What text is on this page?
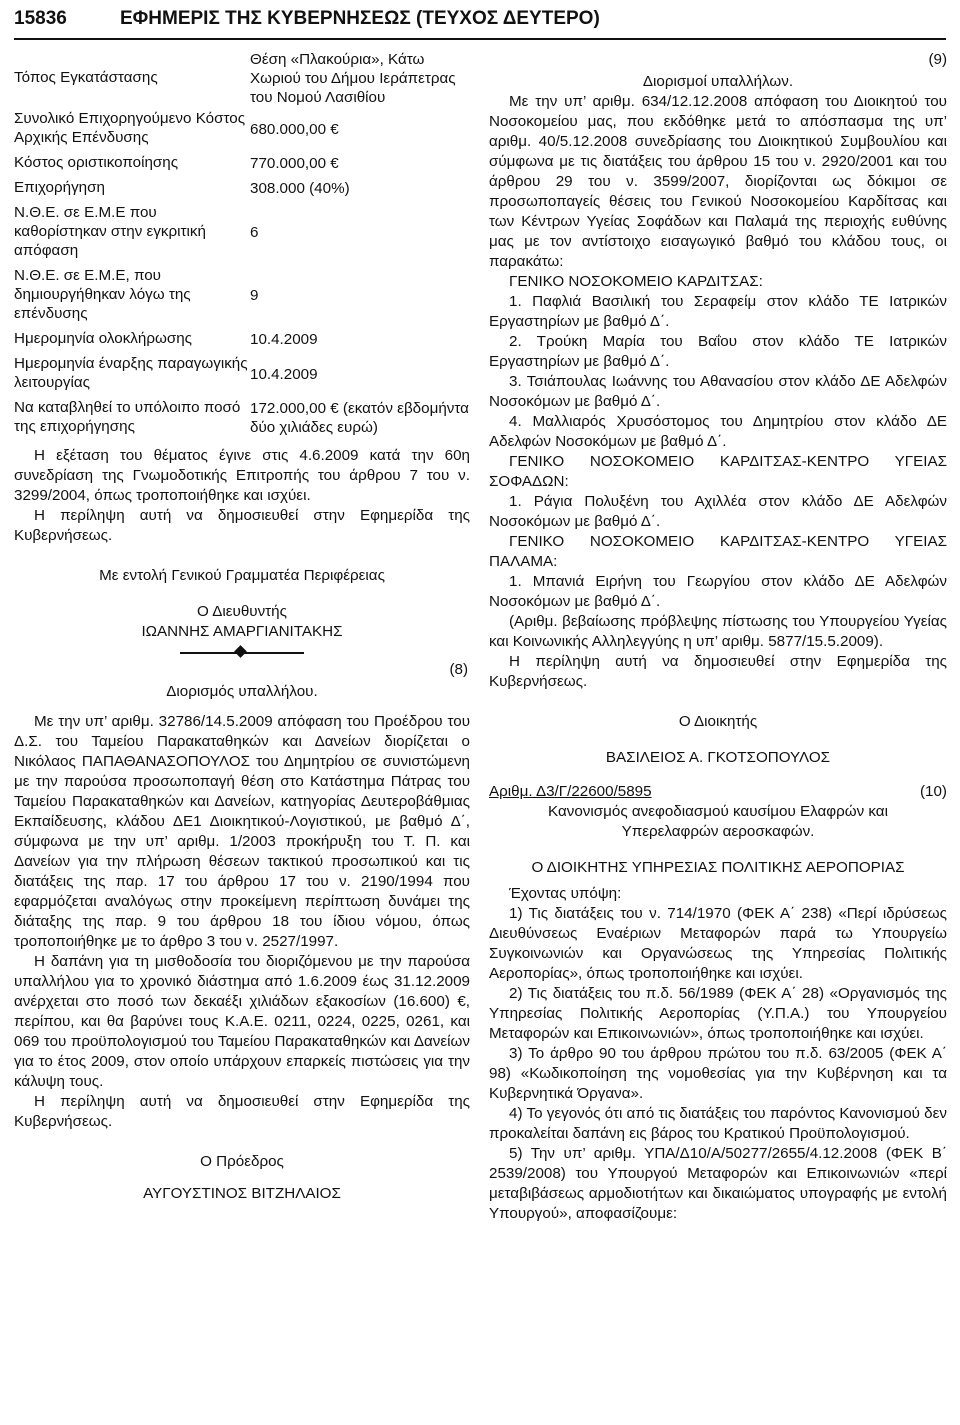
15836	ΕΦΗΜΕΡΙΣ ΤΗΣ ΚΥΒΕΡΝΗΣΕΩΣ (ΤΕΥΧΟΣ ΔΕΥΤΕΡΟ)
Τόπος Εγκατάστασης	Θέση «Πλακούρια», Κάτω Χωριού του Δήμου Ιεράπετρας του Νομού Λασιθίου
Συνολικό Επιχορηγούμενο Κόστος Αρχικής Επένδυσης	680.000,00 €
Κόστος οριστικοποίησης	770.000,00 €
Επιχορήγηση	308.000 (40%)
Ν.Θ.Ε. σε Ε.Μ.Ε που καθορίστηκαν στην εγκριτική απόφαση	6
Ν.Θ.Ε. σε Ε.Μ.Ε, που δημιουργήθηκαν λόγω της επένδυσης	9
Ημερομηνία ολοκλήρωσης	10.4.2009
Ημερομηνία έναρξης παραγωγικής λειτουργίας	10.4.2009
Να καταβληθεί το υπόλοιπο ποσό της επιχορήγησης	172.000,00 € (εκατόν εβδομήντα δύο χιλιάδες ευρώ)

Η εξέταση του θέματος έγινε στις 4.6.2009 κατά την 60η συνεδρίαση της Γνωμοδοτικής Επιτροπής του άρθρου 7 του ν. 3299/2004, όπως τροποποιήθηκε και ισχύει.

Η περίληψη αυτή να δημοσιευθεί στην Εφημερίδα της Κυβερνήσεως.

Με εντολή Γενικού Γραμματέα Περιφέρειας

Ο Διευθυντής

ΙΩΑΝΝΗΣ ΑΜΑΡΓΙΑΝΙΤΑΚΗΣ

(8)
Διορισμός υπαλλήλου.

Με την υπ’ αριθμ. 32786/14.5.2009 απόφαση του Προέδρου του Δ.Σ. του Ταμείου Παρακαταθηκών και Δανείων διορίζεται ο Νικόλαος ΠΑΠΑΘΑΝΑΣΟΠΟΥΛΟΣ του Δημητρίου σε συνιστώμενη με την παρούσα προσωποπαγή θέση στο Κατάστημα Πάτρας του Ταμείου Παρακαταθηκών και Δανείων, κατηγορίας Δευτεροβάθμιας Εκπαίδευσης, κλάδου ΔΕ1 Διοικητικού-Λογιστικού, με βαθμό Δ΄, σύμφωνα με την υπ’ αριθμ. 1/2003 προκήρυξη του Τ. Π. και Δανείων για την πλήρωση θέσεων τακτικού προσωπικού και τις διατάξεις της παρ. 17 του άρθρου 17 του ν. 2190/1994 που εφαρμόζεται αναλόγως στην προκείμενη περίπτωση δυνάμει της διάταξης της παρ. 9 του άρθρου 18 του ίδιου νόμου, όπως τροποποιήθηκε με το άρθρο 3 του ν. 2527/1997.

Η δαπάνη για τη μισθοδοσία του διοριζόμενου με την παρούσα υπαλλήλου για το χρονικό διάστημα από 1.6.2009 έως 31.12.2009 ανέρχεται στο ποσό των δεκαέξι χιλιάδων εξακοσίων (16.600) €, περίπου, και θα βαρύνει τους Κ.Α.Ε. 0211, 0224, 0225, 0261, και 069 του προϋπολογισμού του Ταμείου Παρακαταθηκών και Δανείων για το έτος 2009, στον οποίο υπάρχουν επαρκείς πιστώσεις για την κάλυψη τους.

Η περίληψη αυτή να δημοσιευθεί στην Εφημερίδα της Κυβερνήσεως.

Ο Πρόεδρος

ΑΥΓΟΥΣΤΙΝΟΣ ΒΙΤΖΗΛΑΙΟΣ

(9)
Διορισμοί υπαλλήλων.

Με την υπ’ αριθμ. 634/12.12.2008 απόφαση του Διοικητού του Νοσοκομείου μας, που εκδόθηκε μετά το απόσπασμα της υπ’ αριθμ. 40/5.12.2008 συνεδρίασης του Διοικητικού Συμβουλίου και σύμφωνα με τις διατάξεις του άρθρου 15 του ν. 2920/2001 και του άρθρου 29 του ν. 3599/2007, διορίζονται ως δόκιμοι σε προσωποπαγείς θέσεις του Γενικού Νοσοκομείου Καρδίτσας και των Κέντρων Υγείας Σοφάδων και Παλαμά της περιοχής ευθύνης μας με τον αντίστοιχο εισαγωγικό βαθμό του κλάδου τους, οι παρακάτω:

ΓΕΝΙΚΟ ΝΟΣΟΚΟΜΕΙΟ ΚΑΡΔΙΤΣΑΣ:

1. Παφλιά Βασιλική του Σεραφείμ στον κλάδο ΤΕ Ιατρικών Εργαστηρίων με βαθμό Δ΄.

2. Τρούκη Μαρία του Βαΐου στον κλάδο ΤΕ Ιατρικών Εργαστηρίων με βαθμό Δ΄.

3. Τσιάπουλας Ιωάννης του Αθανασίου στον κλάδο ΔΕ Αδελφών Νοσοκόμων με βαθμό Δ΄.

4. Μαλλιαρός Χρυσόστομος του Δημητρίου στον κλάδο ΔΕ Αδελφών Νοσοκόμων με βαθμό Δ΄.

ΓΕΝΙΚΟ ΝΟΣΟΚΟΜΕΙΟ ΚΑΡΔΙΤΣΑΣ-ΚΕΝΤΡΟ ΥΓΕΙΑΣ ΣΟΦΑΔΩΝ:

1. Ράγια Πολυξένη του Αχιλλέα στον κλάδο ΔΕ Αδελφών Νοσοκόμων με βαθμό Δ΄.

ΓΕΝΙΚΟ ΝΟΣΟΚΟΜΕΙΟ ΚΑΡΔΙΤΣΑΣ-ΚΕΝΤΡΟ ΥΓΕΙΑΣ ΠΑΛΑΜΑ:

1. Μπανιά Ειρήνη του Γεωργίου στον κλάδο ΔΕ Αδελφών Νοσοκόμων με βαθμό Δ΄.

(Αριθμ. βεβαίωσης πρόβλεψης πίστωσης του Υπουργείου Υγείας και Κοινωνικής Αλληλεγγύης η υπ’ αριθμ. 5877/15.5.2009).

Η περίληψη αυτή να δημοσιευθεί στην Εφημερίδα της Κυβερνήσεως.

Ο Διοικητής

ΒΑΣΙΛΕΙΟΣ Α. ΓΚΟΤΣΟΠΟΥΛΟΣ

Αριθμ. Δ3/Γ/22600/5895	(10)

Κανονισμός ανεφοδιασμού καυσίμου Ελαφρών και Υπερελαφρών αεροσκαφών.

Ο ΔΙΟΙΚΗΤΗΣ ΥΠΗΡΕΣΙΑΣ ΠΟΛΙΤΙΚΗΣ ΑΕΡΟΠΟΡΙΑΣ

Έχοντας υπόψη:

1) Τις διατάξεις του ν. 714/1970 (ΦΕΚ Α΄ 238) «Περί ιδρύσεως Διευθύνσεως Εναέριων Μεταφορών παρά τω Υπουργείω Συγκοινωνιών και Οργανώσεως της Υπηρεσίας Πολιτικής Αεροπορίας», όπως τροποποιήθηκε και ισχύει.

2) Τις διατάξεις του π.δ. 56/1989 (ΦΕΚ Α΄ 28) «Οργανισμός της Υπηρεσίας Πολιτικής Αεροπορίας (Υ.Π.Α.) του Υπουργείου Μεταφορών και Επικοινωνιών», όπως τροποποιήθηκε και ισχύει.

3) Το άρθρο 90 του άρθρου πρώτου του π.δ. 63/2005 (ΦΕΚ Α΄ 98) «Κωδικοποίηση της νομοθεσίας για την Κυβέρνηση και τα Κυβερνητικά Όργανα».

4) Το γεγονός ότι από τις διατάξεις του παρόντος Κανονισμού δεν προκαλείται δαπάνη εις βάρος του Κρατικού Προϋπολογισμού.

5) Την υπ’ αριθμ. ΥΠΑ/Δ10/Α/50277/2655/4.12.2008 (ΦΕΚ Β΄ 2539/2008) του Υπουργού Μεταφορών και Επικοινωνιών «περί μεταβιβάσεως αρμοδιοτήτων και δικαιώματος υπογραφής με εντολή Υπουργού», αποφασίζουμε:
